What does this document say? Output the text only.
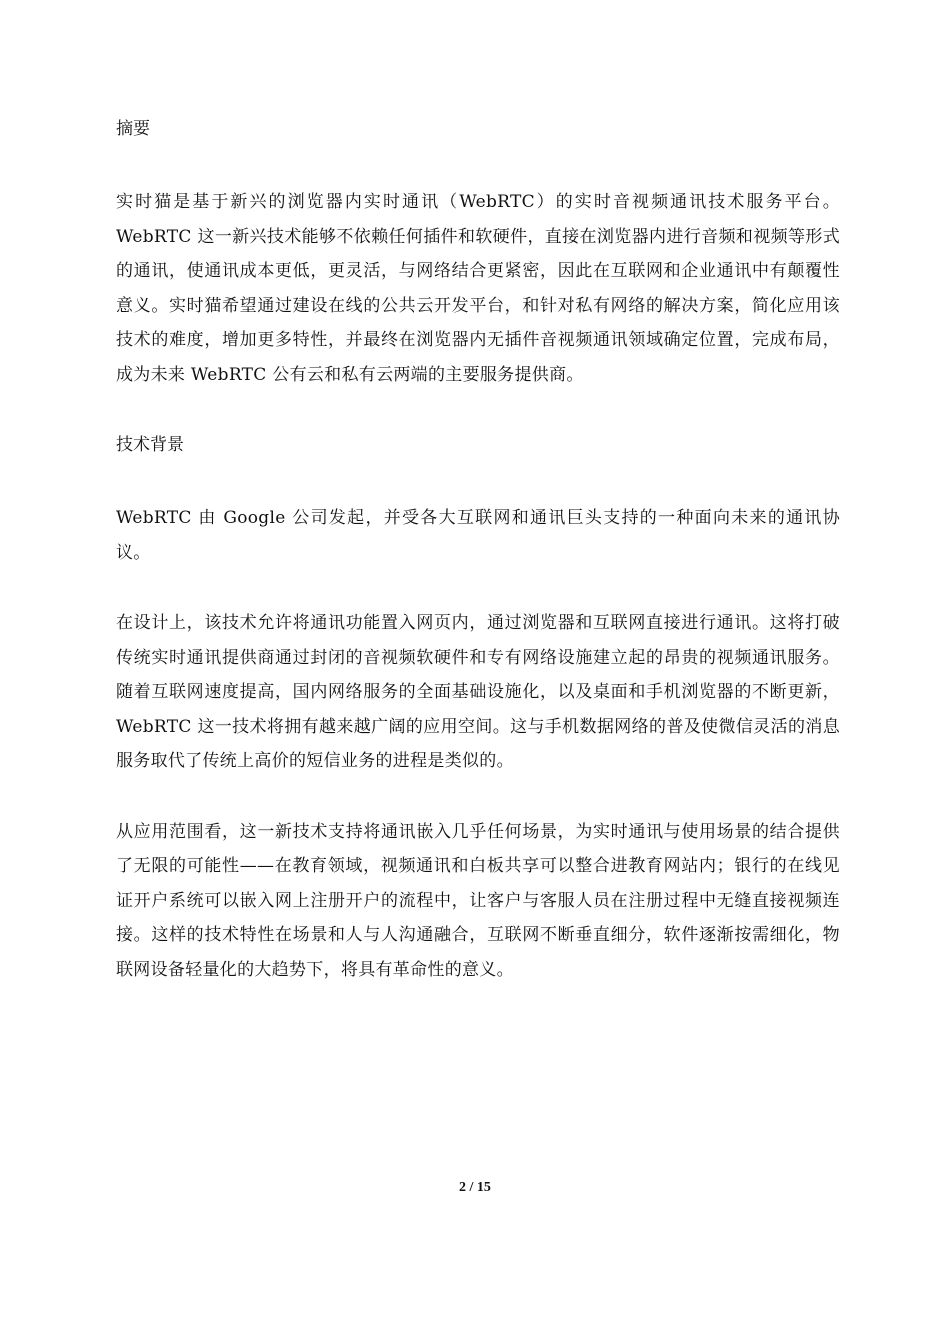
摘要

实时猫是基于新兴的浏览器内实时通讯（WebRTC）的实时音视频通讯技术服务平台。WebRTC 这一新兴技术能够不依赖任何插件和软硬件，直接在浏览器内进行音频和视频等形式的通讯，使通讯成本更低，更灵活，与网络结合更紧密，因此在互联网和企业通讯中有颠覆性意义。实时猫希望通过建设在线的公共云开发平台，和针对私有网络的解决方案，简化应用该技术的难度，增加更多特性，并最终在浏览器内无插件音视频通讯领域确定位置，完成布局，成为未来 WebRTC 公有云和私有云两端的主要服务提供商。

技术背景

WebRTC 由 Google 公司发起，并受各大互联网和通讯巨头支持的一种面向未来的通讯协议。

在设计上，该技术允许将通讯功能置入网页内，通过浏览器和互联网直接进行通讯。这将打破传统实时通讯提供商通过封闭的音视频软硬件和专有网络设施建立起的昂贵的视频通讯服务。随着互联网速度提高，国内网络服务的全面基础设施化，以及桌面和手机浏览器的不断更新，WebRTC 这一技术将拥有越来越广阔的应用空间。这与手机数据网络的普及使微信灵活的消息服务取代了传统上高价的短信业务的进程是类似的。

从应用范围看，这一新技术支持将通讯嵌入几乎任何场景，为实时通讯与使用场景的结合提供了无限的可能性——在教育领域，视频通讯和白板共享可以整合进教育网站内；银行的在线见证开户系统可以嵌入网上注册开户的流程中，让客户与客服人员在注册过程中无缝直接视频连接。这样的技术特性在场景和人与人沟通融合，互联网不断垂直细分，软件逐渐按需细化，物联网设备轻量化的大趋势下，将具有革命性的意义。

2 / 15
